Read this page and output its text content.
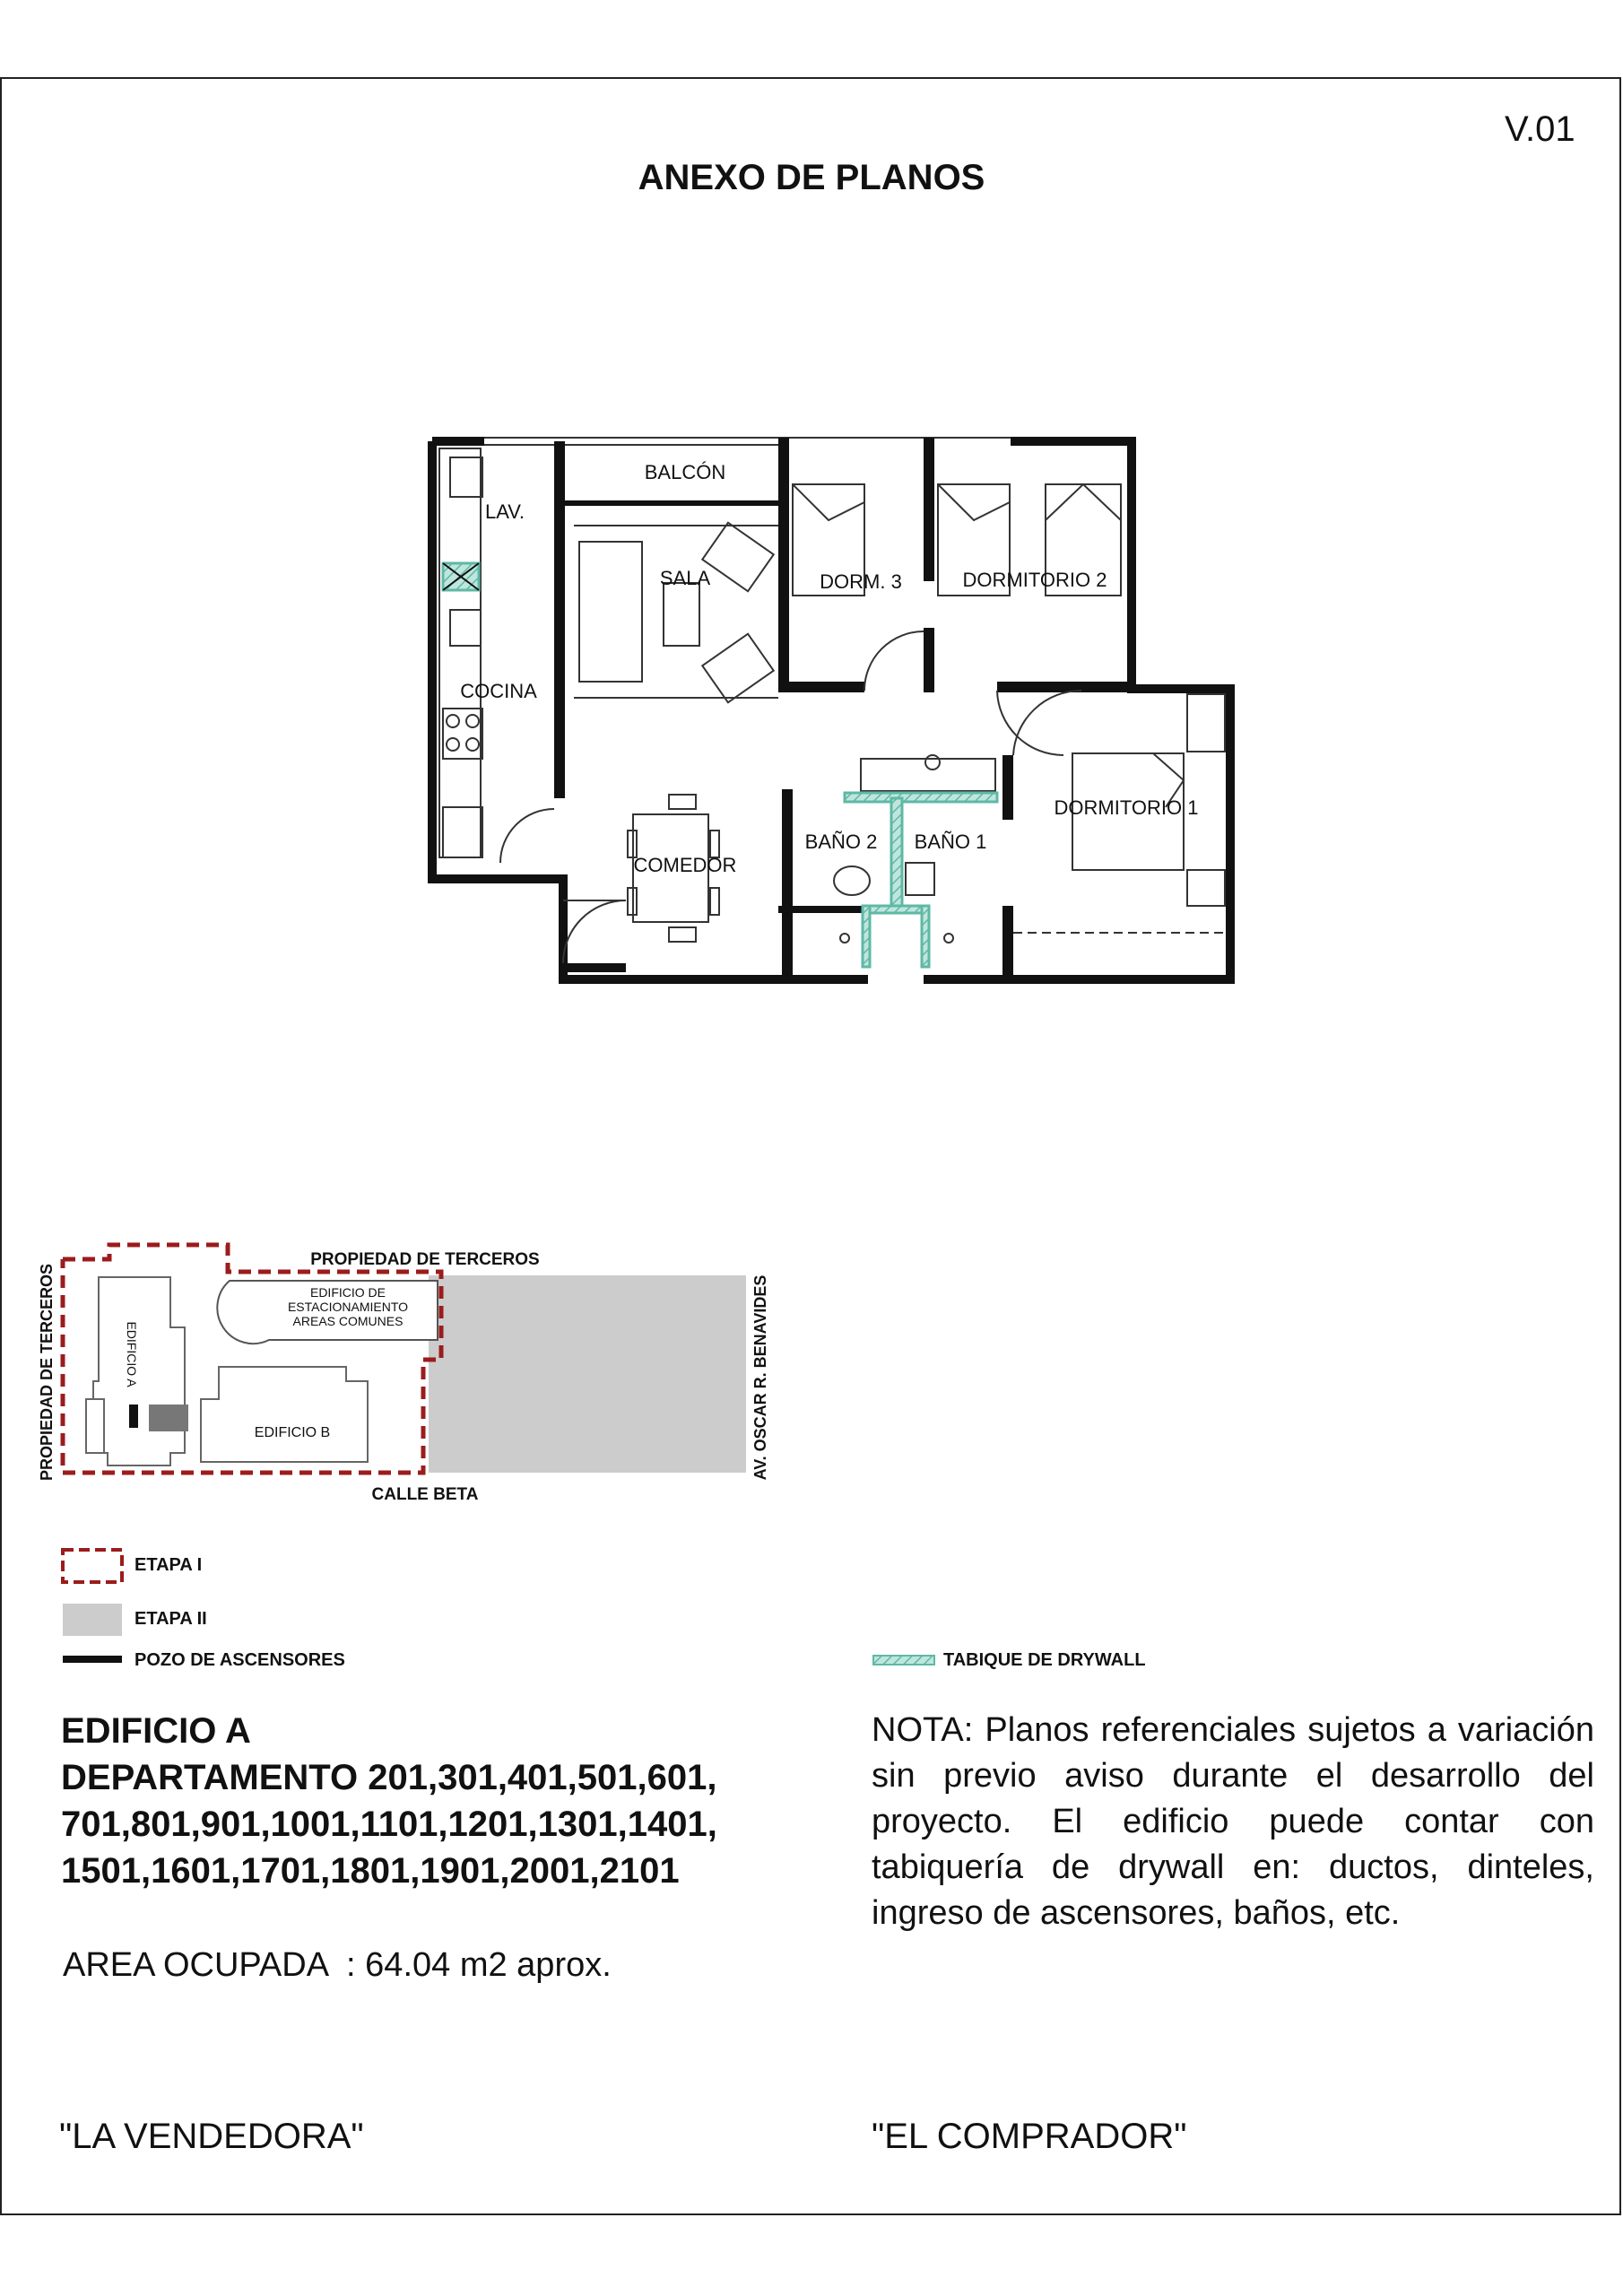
V.01
ANEXO DE PLANOS
BALCÓN
LAV.
SALA	DORM. 3	DORMITORIO 2
COCINA
DORMITORIO 1
BAÑO 2 BAÑO 1
COMEDOR
PROPIEDAD DE TERCEROS
CALLE BETA
PROPIEDAD DE TERCEROS	AV. OSCAR R. BENAVIDES
EDIFICIO DE
ESTACIONAMIENTO
AREAS COMUNES
EDIFICIO A
EDIFICIO B
ETAPA I
ETAPA II
POZO DE ASCENSORES	TABIQUE DE DRYWALL
EDIFICIO A
DEPARTAMENTO 201,301,401,501,601,
701,801,901,1001,1101,1201,1301,1401,
1501,1601,1701,1801,1901,2001,2101
AREA OCUPADA  : 64.04 m2 aprox.
NOTA: Planos referenciales sujetos a variación sin previo aviso durante el desarrollo del proyecto. El edificio puede contar con tabiquería de drywall en: ductos, dinteles, ingreso de ascensores, baños, etc.
"LA VENDEDORA"	"EL COMPRADOR"
